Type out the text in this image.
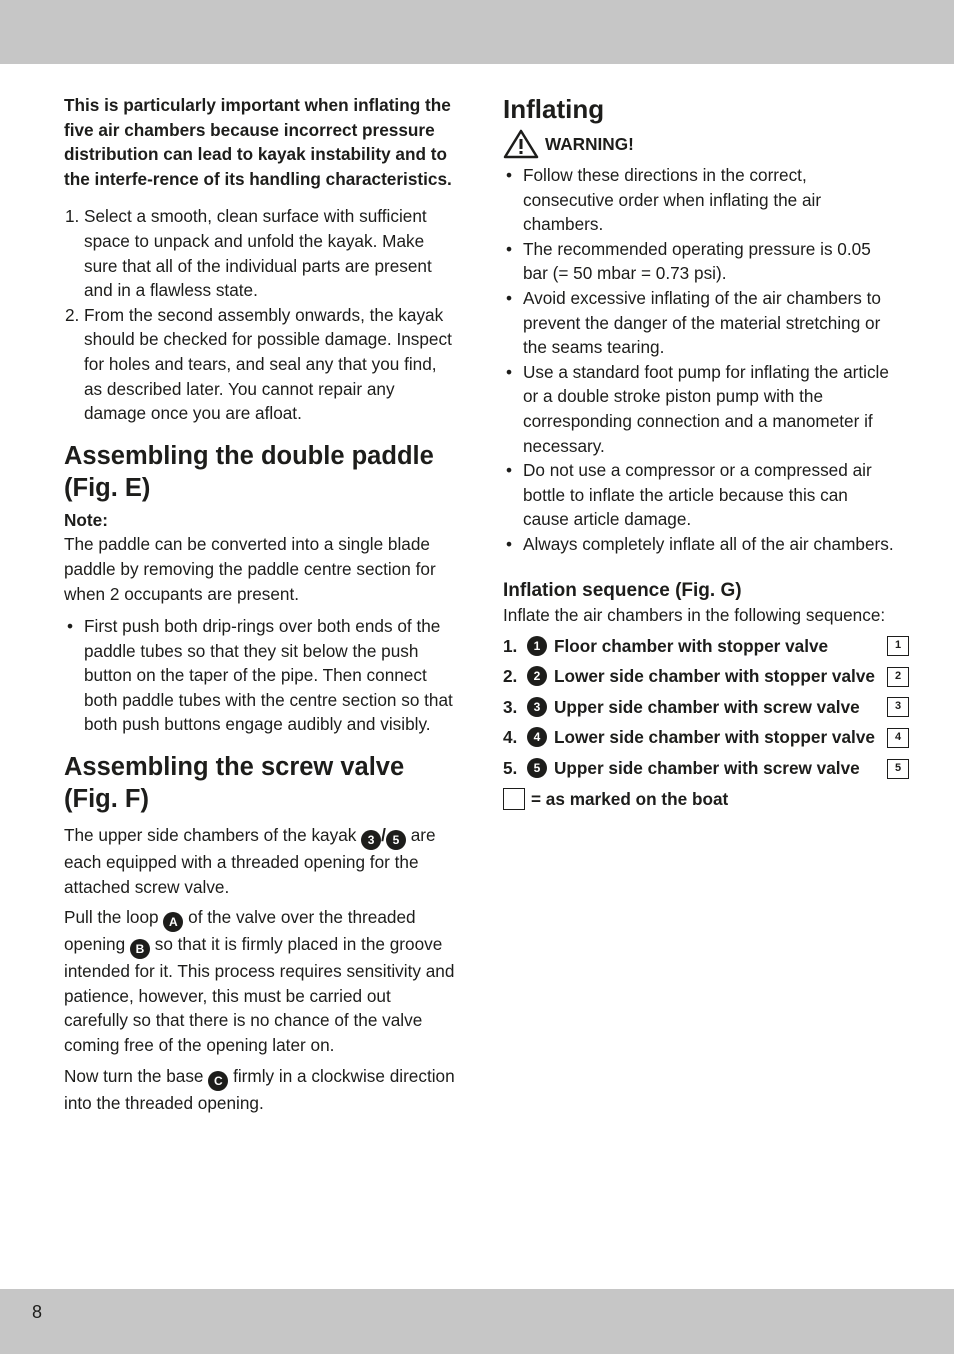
This is particularly important when inflating the five air chambers because incorrect pressure distribution can lead to kayak instability and to the interfe-rence of its handling characteristics.

1. Select a smooth, clean surface with sufficient space to unpack and unfold the kayak. Make sure that all of the individual parts are present and in a flawless state.
2. From the second assembly onwards, the kayak should be checked for possible damage. Inspect for holes and tears, and seal any that you find, as described later. You cannot repair any damage once you are afloat.
Assembling the double paddle (Fig. E)

Note:

The paddle can be converted into a single blade paddle by removing the paddle centre section for when 2 occupants are present.

• First push both drip-rings over both ends of the paddle tubes so that they sit below the push button on the taper of the pipe. Then connect both paddle tubes with the centre section so that both push buttons engage audibly and visibly.
Assembling the screw valve (Fig. F)

The upper side chambers of the kayak 3 / 5 are each equipped with a threaded opening for the attached screw valve.

Pull the loop A of the valve over the threaded opening B so that it is firmly placed in the groove intended for it. This process requires sensitivity and patience, however, this must be carried out carefully so that there is no chance of the valve coming free of the opening later on.

Now turn the base C firmly in a clockwise direction into the threaded opening.

Inflating
WARNING!
• Follow these directions in the correct, consecutive order when inflating the air chambers.
• The recommended operating pressure is 0.05 bar (= 50 mbar = 0.73 psi).
• Avoid excessive inflating of the air chambers to prevent the danger of the material stretching or the seams tearing.
• Use a standard foot pump for inflating the article or a double stroke piston pump with the corresponding connection and a manometer if necessary.
• Do not use a compressor or a compressed air bottle to inflate the article because this can cause article damage.
• Always completely inflate all of the air chambers.

Inflation sequence (Fig. G)

Inflate the air chambers in the following sequence:

1.	1 Floor chamber with stopper valve	1
2.	2 Lower side chamber with stopper valve	2
3.	3 Upper side chamber with screw valve	3
4.	4 Lower side chamber with stopper valve	4
5.	5 Upper side chamber with screw valve	5
= as marked on the boat
8
